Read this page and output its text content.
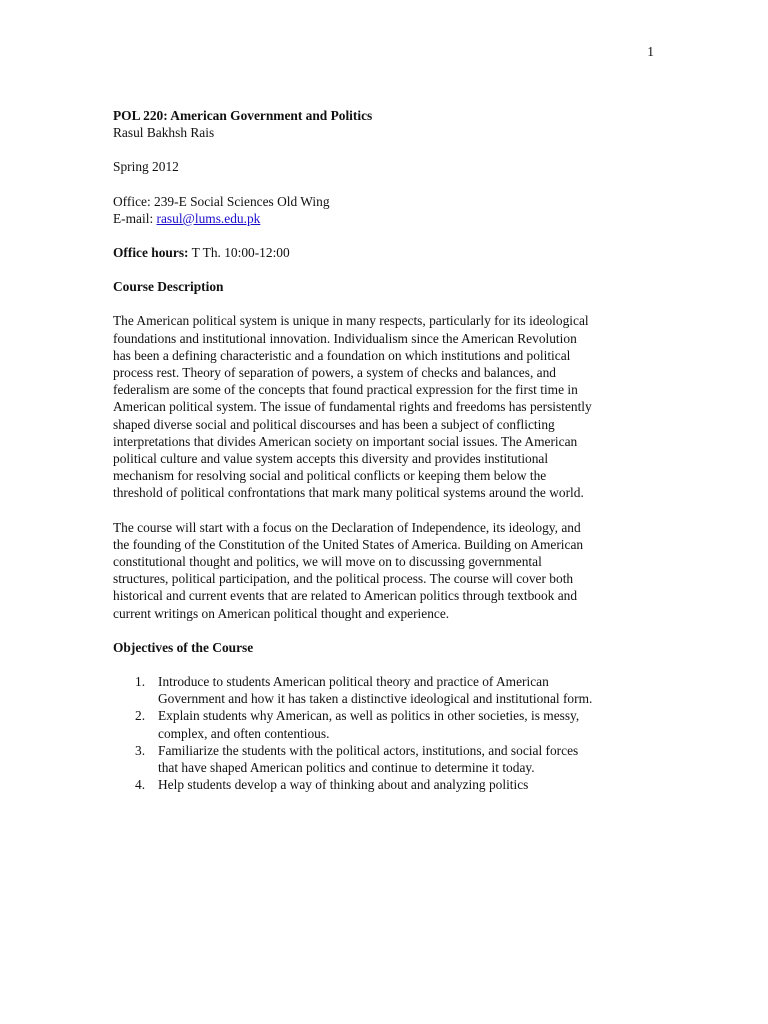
1
POL 220: American Government and Politics
Rasul Bakhsh Rais
Spring 2012
Office: 239-E Social Sciences Old Wing
E-mail: rasul@lums.edu.pk
Office hours: T Th. 10:00-12:00

Course Description

The American political system is unique in many respects, particularly for its ideological
foundations and institutional innovation. Individualism since the American Revolution
has been a defining characteristic and a foundation on which institutions and political
process rest. Theory of separation of powers, a system of checks and balances, and
federalism are some of the concepts that found practical expression for the first time in
American political system. The issue of fundamental rights and freedoms has persistently
shaped diverse social and political discourses and has been a subject of conflicting
interpretations that divides American society on important social issues. The American
political culture and value system accepts this diversity and provides institutional
mechanism for resolving social and political conflicts or keeping them below the
threshold of political confrontations that mark many political systems around the world.

The course will start with a focus on the Declaration of Independence, its ideology, and
the founding of the Constitution of the United States of America. Building on American
constitutional thought and politics, we will move on to discussing governmental
structures, political participation, and the political process. The course will cover both
historical and current events that are related to American politics through textbook and
current writings on American political thought and experience.

Objectives of the Course

1. Introduce to students American political theory and practice of American
Government and how it has taken a distinctive ideological and institutional form.
2. Explain students why American, as well as politics in other societies, is messy,
complex, and often contentious.
3. Familiarize the students with the political actors, institutions, and social forces
that have shaped American politics and continue to determine it today.
4. Help students develop a way of thinking about and analyzing politics
